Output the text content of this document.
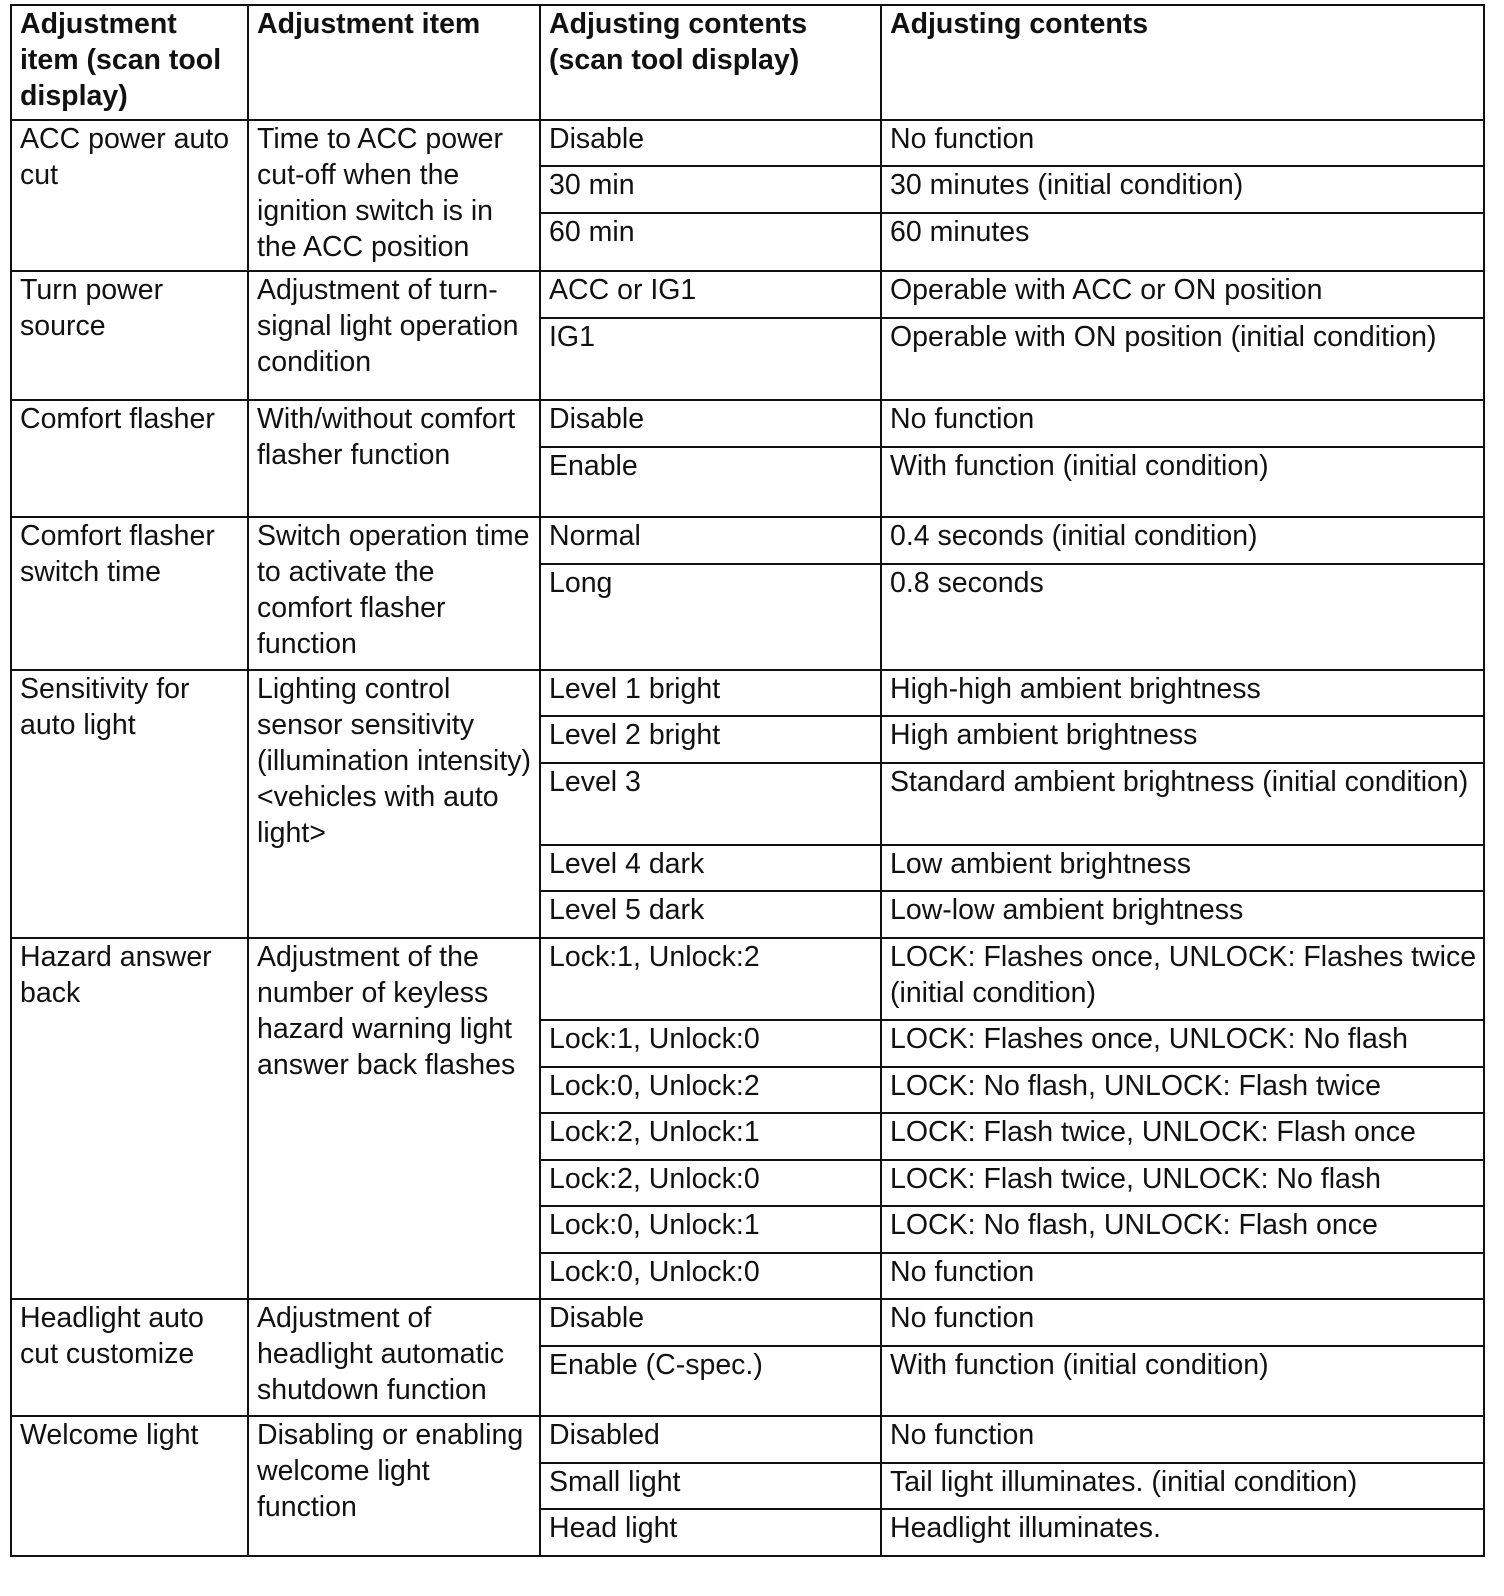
Adjustment item (scan tool display)	Adjustment item	Adjusting contents (scan tool display)	Adjusting contents
ACC power auto cut	Time to ACC power cut-off when the ignition switch is in the ACC position	Disable	No function
		30 min	30 minutes (initial condition)
		60 min	60 minutes
Turn power source	Adjustment of turn-signal light operation condition	ACC or IG1	Operable with ACC or ON position
		IG1	Operable with ON position (initial condition)
Comfort flasher	With/without comfort flasher function	Disable	No function
		Enable	With function (initial condition)
Comfort flasher switch time	Switch operation time to activate the comfort flasher function	Normal	0.4 seconds (initial condition)
		Long	0.8 seconds
Sensitivity for auto light	Lighting control sensor sensitivity (illumination intensity) <vehicles with auto light>	Level 1 bright	High-high ambient brightness
		Level 2 bright	High ambient brightness
		Level 3	Standard ambient brightness (initial condition)
		Level 4 dark	Low ambient brightness
		Level 5 dark	Low-low ambient brightness
Hazard answer back	Adjustment of the number of keyless hazard warning light answer back flashes	Lock:1, Unlock:2	LOCK: Flashes once, UNLOCK: Flashes twice (initial condition)
		Lock:1, Unlock:0	LOCK: Flashes once, UNLOCK: No flash
		Lock:0, Unlock:2	LOCK: No flash, UNLOCK: Flash twice
		Lock:2, Unlock:1	LOCK: Flash twice, UNLOCK: Flash once
		Lock:2, Unlock:0	LOCK: Flash twice, UNLOCK: No flash
		Lock:0, Unlock:1	LOCK: No flash, UNLOCK: Flash once
		Lock:0, Unlock:0	No function
Headlight auto cut customize	Adjustment of headlight automatic shutdown function	Disable	No function
		Enable (C-spec.)	With function (initial condition)
Welcome light	Disabling or enabling welcome light function	Disabled	No function
		Small light	Tail light illuminates. (initial condition)
		Head light	Headlight illuminates.
